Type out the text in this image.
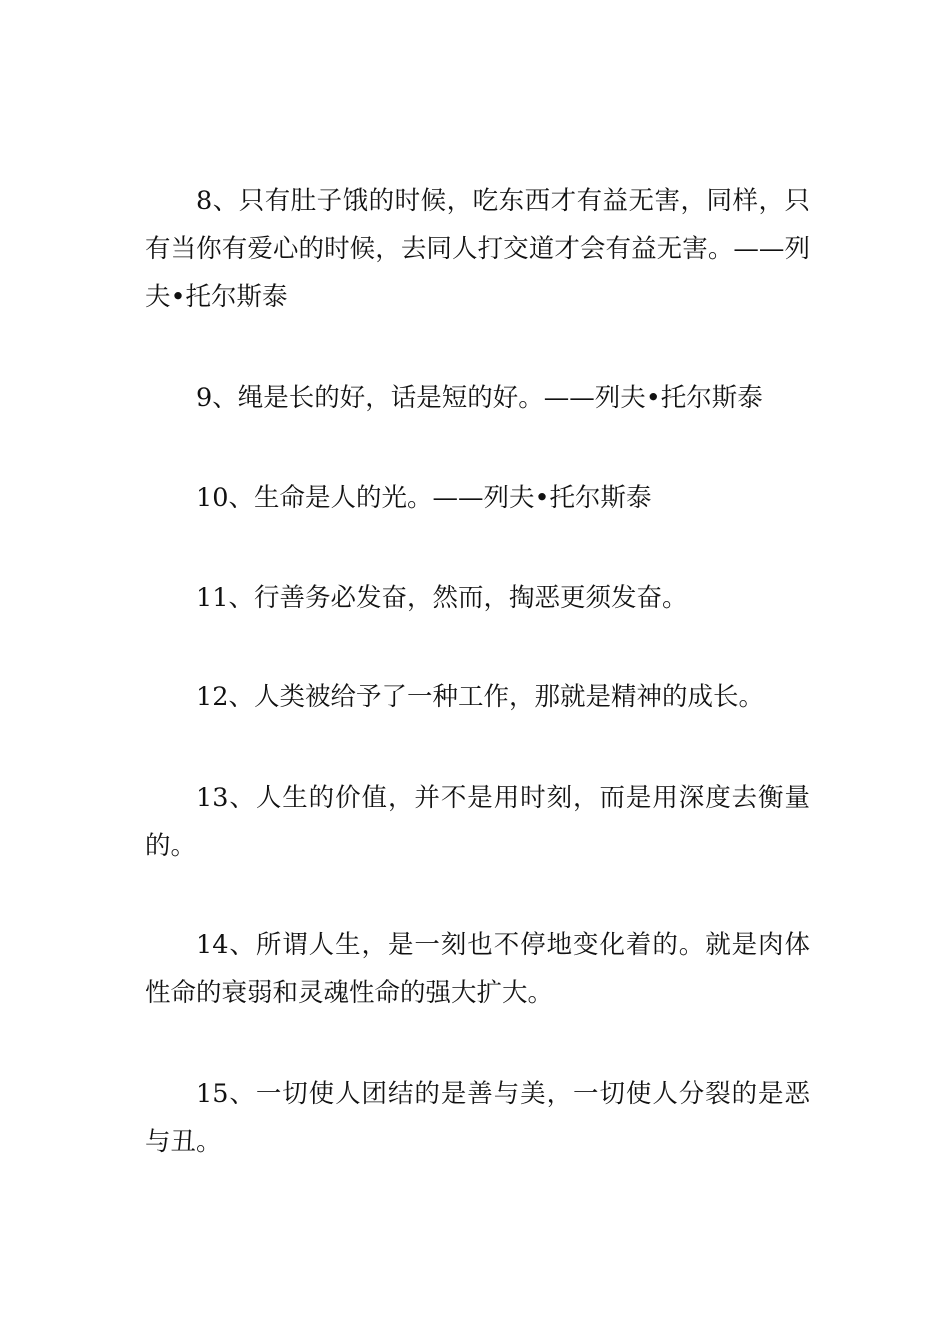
8、只有肚子饿的时候，吃东西才有益无害，同样，只有当你有爱心的时候，去同人打交道才会有益无害。——列夫•托尔斯泰

9、绳是长的好，话是短的好。——列夫•托尔斯泰

10、生命是人的光。——列夫•托尔斯泰

11、行善务必发奋，然而，掏恶更须发奋。

12、人类被给予了一种工作，那就是精神的成长。

13、人生的价值，并不是用时刻，而是用深度去衡量的。

14、所谓人生，是一刻也不停地变化着的。就是肉体性命的衰弱和灵魂性命的强大扩大。

15、一切使人团结的是善与美，一切使人分裂的是恶与丑。
